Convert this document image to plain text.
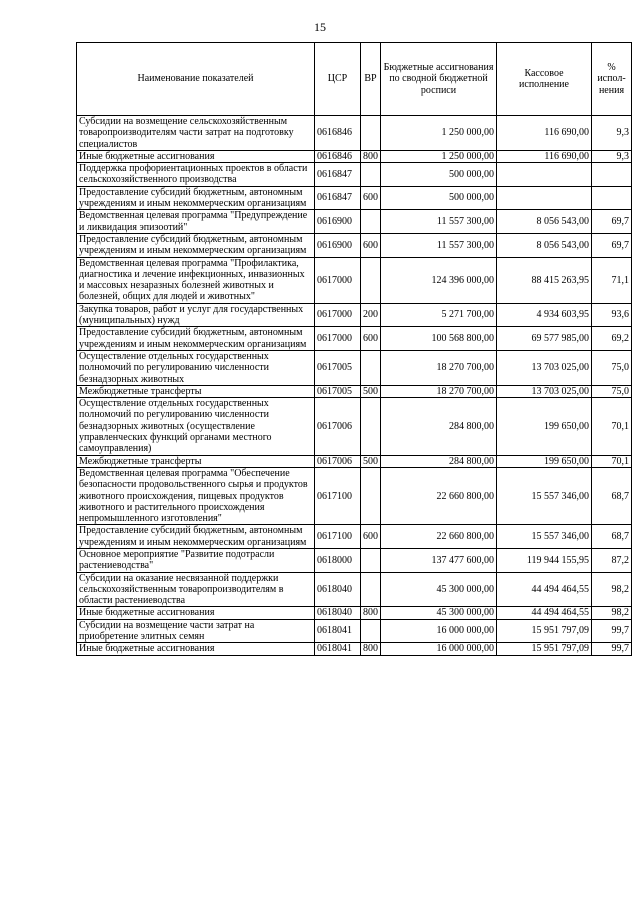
15
Наименование показателей	ЦСР	ВР	Бюджетные ассигнования по сводной бюджетной росписи	Кассовое исполнение	% испол-нения
Субсидии на возмещение сельскохозяйственным товаропроизводителям части затрат на подготовку специалистов	0616846		1 250 000,00	116 690,00	9,3
Иные бюджетные ассигнования	0616846	800	1 250 000,00	116 690,00	9,3
Поддержка профориентационных проектов в области сельскохозяйственного производства	0616847		500 000,00		
Предоставление субсидий бюджетным, автономным учреждениям и иным некоммерческим организациям	0616847	600	500 000,00		
Ведомственная целевая программа "Предупреждение и ликвидация эпизоотий"	0616900		11 557 300,00	8 056 543,00	69,7
Предоставление субсидий бюджетным, автономным учреждениям и иным некоммерческим организациям	0616900	600	11 557 300,00	8 056 543,00	69,7
Ведомственная целевая программа "Профилактика, диагностика и лечение инфекционных, инвазионных и массовых незаразных болезней животных и болезней, общих для людей и животных"	0617000		124 396 000,00	88 415 263,95	71,1
Закупка товаров, работ и услуг для государственных (муниципальных) нужд	0617000	200	5 271 700,00	4 934 603,95	93,6
Предоставление субсидий бюджетным, автономным учреждениям и иным некоммерческим организациям	0617000	600	100 568 800,00	69 577 985,00	69,2
Осуществление отдельных государственных полномочий по регулированию численности безнадзорных животных	0617005		18 270 700,00	13 703 025,00	75,0
Межбюджетные трансферты	0617005	500	18 270 700,00	13 703 025,00	75,0
Осуществление отдельных государственных полномочий по регулированию численности безнадзорных животных (осуществление управленческих функций органами местного самоуправления)	0617006		284 800,00	199 650,00	70,1
Межбюджетные трансферты	0617006	500	284 800,00	199 650,00	70,1
Ведомственная целевая программа "Обеспечение безопасности продовольственного сырья и продуктов животного происхождения, пищевых продуктов животного и растительного происхождения непромышленного изготовления"	0617100		22 660 800,00	15 557 346,00	68,7
Предоставление субсидий бюджетным, автономным учреждениям и иным некоммерческим организациям	0617100	600	22 660 800,00	15 557 346,00	68,7
Основное мероприятие "Развитие подотрасли растениеводства"	0618000		137 477 600,00	119 944 155,95	87,2
Субсидии на оказание несвязанной поддержки сельскохозяйственным товаропроизводителям в области растениеводства	0618040		45 300 000,00	44 494 464,55	98,2
Иные бюджетные ассигнования	0618040	800	45 300 000,00	44 494 464,55	98,2
Субсидии на возмещение части затрат на приобретение элитных семян	0618041		16 000 000,00	15 951 797,09	99,7
Иные бюджетные ассигнования	0618041	800	16 000 000,00	15 951 797,09	99,7
